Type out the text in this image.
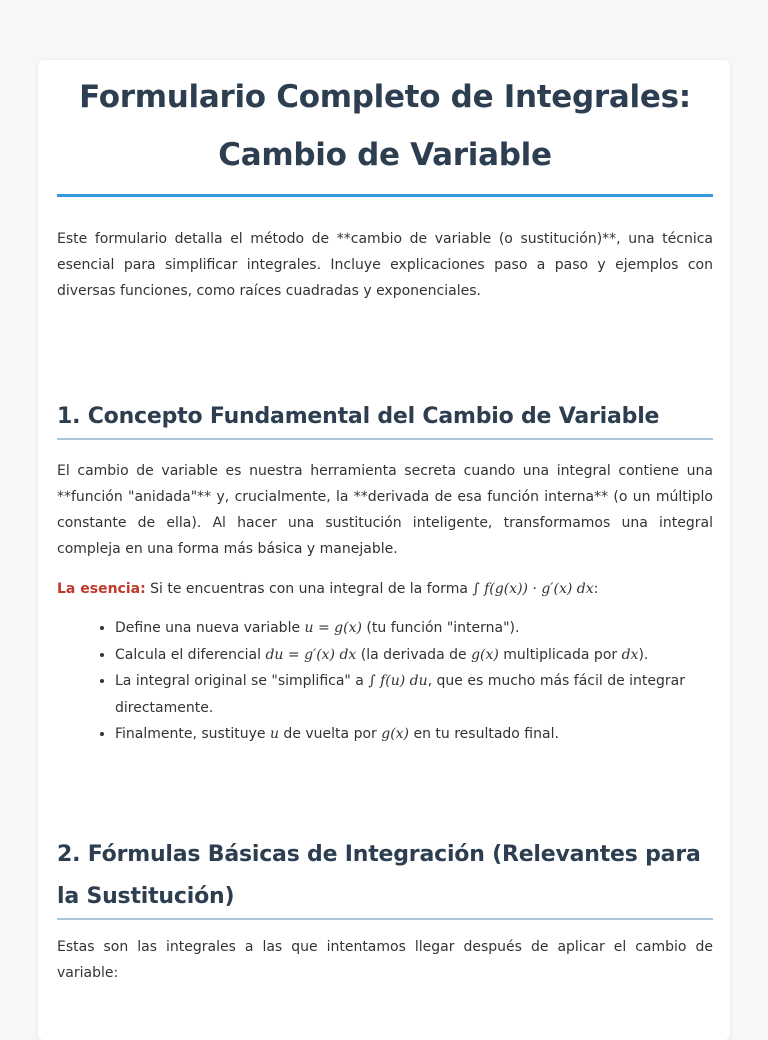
Formulario Completo de Integrales:
Cambio de Variable

Este formulario detalla el método de **cambio de variable (o sustitución)**, una técnica esencial para simplificar integrales. Incluye explicaciones paso a paso y ejemplos con diversas funciones, como raíces cuadradas y exponenciales.

1. Concepto Fundamental del Cambio de Variable

El cambio de variable es nuestra herramienta secreta cuando una integral contiene una **función "anidada"** y, crucialmente, la **derivada de esa función interna** (o un múltiplo constante de ella). Al hacer una sustitución inteligente, transformamos una integral compleja en una forma más básica y manejable.

La esencia: Si te encuentras con una integral de la forma ∫ f(g(x)) · g′(x) dx:

• Define una nueva variable u = g(x) (tu función "interna").
• Calcula el diferencial du = g′(x) dx (la derivada de g(x) multiplicada por dx).
• La integral original se "simplifica" a ∫ f(u) du, que es mucho más fácil de integrar directamente.
• Finalmente, sustituye u de vuelta por g(x) en tu resultado final.
2. Fórmulas Básicas de Integración (Relevantes para la Sustitución)

Estas son las integrales a las que intentamos llegar después de aplicar el cambio de variable:
